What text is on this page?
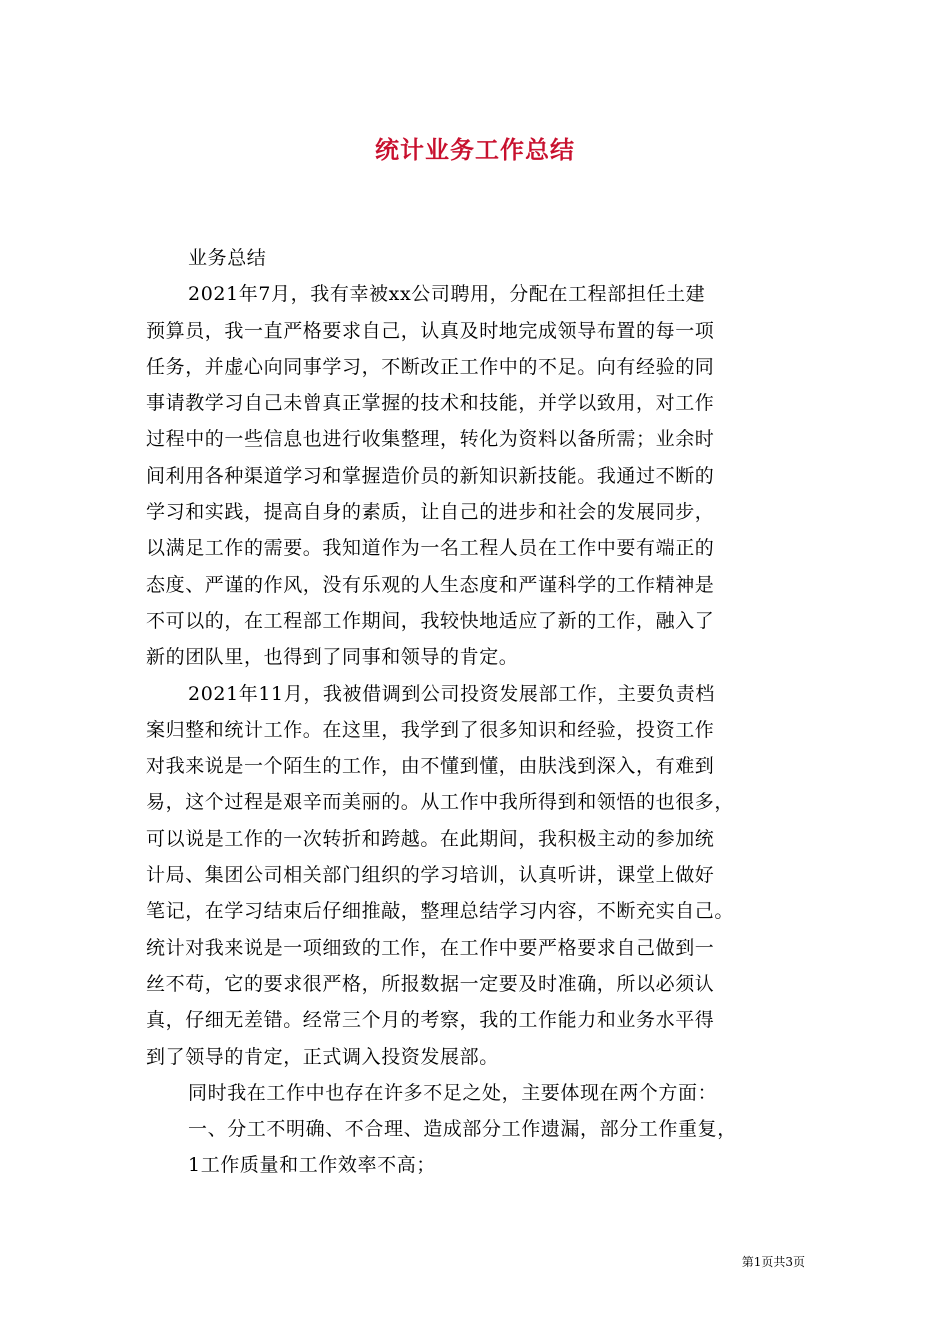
统计业务工作总结
业务总结
2021年7月，我有幸被xx公司聘用，分配在工程部担任土建
预算员，我一直严格要求自己，认真及时地完成领导布置的每一项
任务，并虚心向同事学习，不断改正工作中的不足。向有经验的同
事请教学习自己未曾真正掌握的技术和技能，并学以致用，对工作
过程中的一些信息也进行收集整理，转化为资料以备所需；业余时
间利用各种渠道学习和掌握造价员的新知识新技能。我通过不断的
学习和实践，提高自身的素质，让自己的进步和社会的发展同步，
以满足工作的需要。我知道作为一名工程人员在工作中要有端正的
态度、严谨的作风，没有乐观的人生态度和严谨科学的工作精神是
不可以的，在工程部工作期间，我较快地适应了新的工作，融入了
新的团队里，也得到了同事和领导的肯定。
2021年11月，我被借调到公司投资发展部工作，主要负责档
案归整和统计工作。在这里，我学到了很多知识和经验，投资工作
对我来说是一个陌生的工作，由不懂到懂，由肤浅到深入，有难到
易，这个过程是艰辛而美丽的。从工作中我所得到和领悟的也很多，
可以说是工作的一次转折和跨越。在此期间，我积极主动的参加统
计局、集团公司相关部门组织的学习培训，认真听讲，课堂上做好
笔记，在学习结束后仔细推敲，整理总结学习内容，不断充实自己。
统计对我来说是一项细致的工作，在工作中要严格要求自己做到一
丝不苟，它的要求很严格，所报数据一定要及时准确，所以必须认
真，仔细无差错。经常三个月的考察，我的工作能力和业务水平得
到了领导的肯定，正式调入投资发展部。
同时我在工作中也存在许多不足之处，主要体现在两个方面：
一、分工不明确、不合理、造成部分工作遗漏，部分工作重复，
1工作质量和工作效率不高；
第1页共3页
